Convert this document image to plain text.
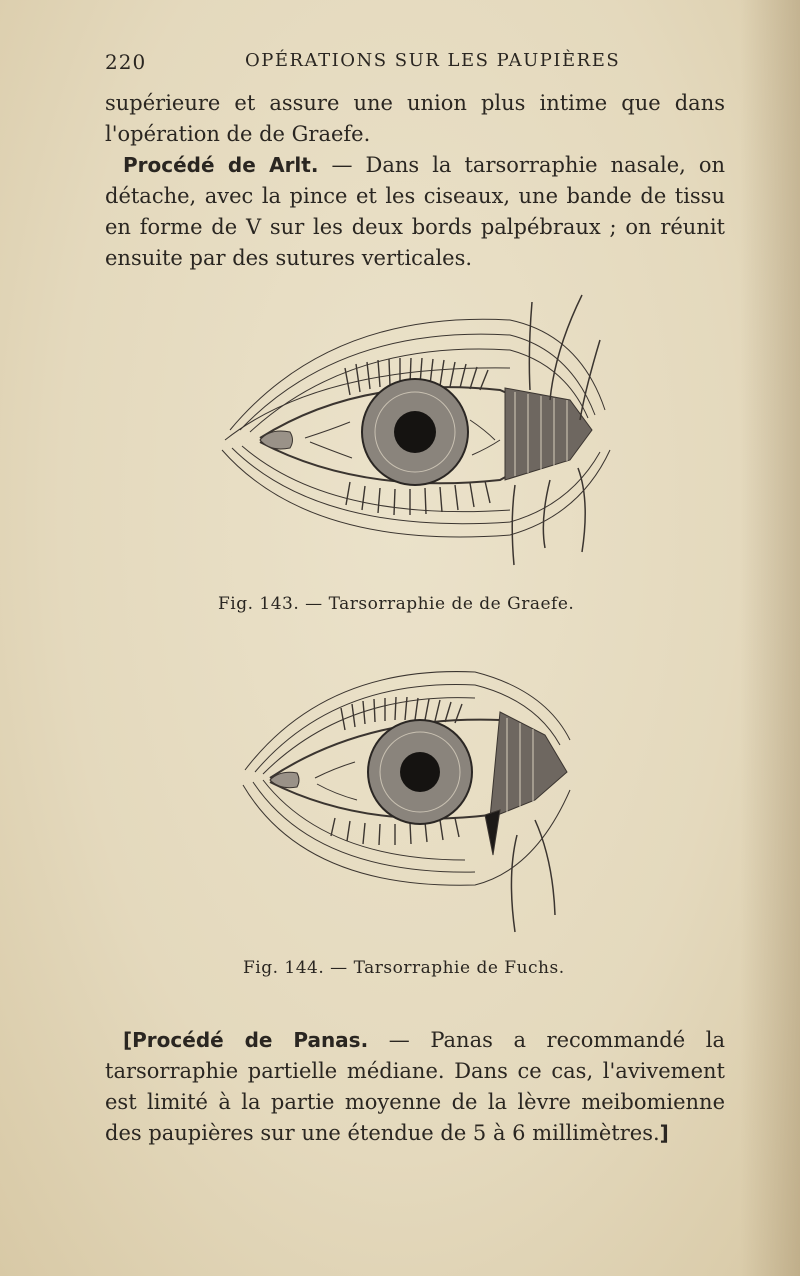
220	OPÉRATIONS SUR LES PAUPIÈRES

supérieure et assure une union plus intime que dans l'opération de de Graefe.

Procédé de Arlt. — Dans la tarsorraphie nasale, on détache, avec la pince et les ciseaux, une bande de tissu en forme de V sur les deux bords palpébraux ; on réunit ensuite par des sutures verticales.

Fig. 143. — Tarsorraphie de de Graefe.
Fig. 144. — Tarsorraphie de Fuchs.

[Procédé de Panas. — Panas a recommandé la tarsorraphie partielle médiane. Dans ce cas, l'avivement est limité à la partie moyenne de la lèvre meibomienne des paupières sur une étendue de 5 à 6 millimètres.]
